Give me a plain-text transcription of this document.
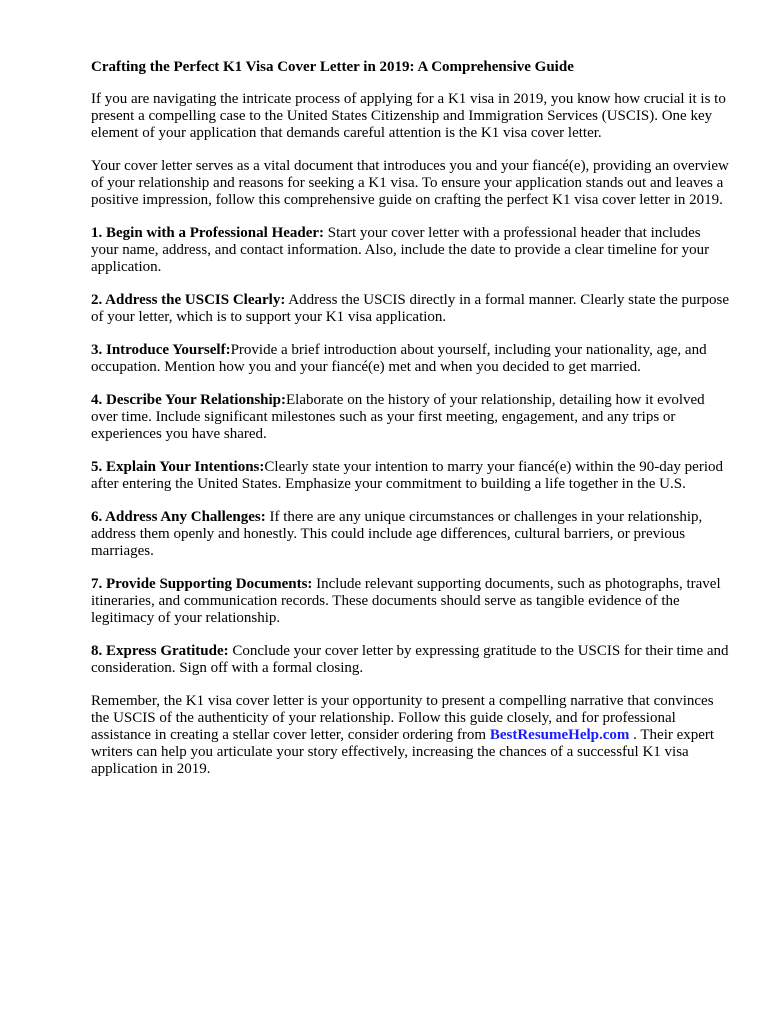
Crafting the Perfect K1 Visa Cover Letter in 2019: A Comprehensive Guide

If you are navigating the intricate process of applying for a K1 visa in 2019, you know how crucial it is to present a compelling case to the United States Citizenship and Immigration Services (USCIS). One key element of your application that demands careful attention is the K1 visa cover letter.

Your cover letter serves as a vital document that introduces you and your fiancé(e), providing an overview of your relationship and reasons for seeking a K1 visa. To ensure your application stands out and leaves a positive impression, follow this comprehensive guide on crafting the perfect K1 visa cover letter in 2019.

1. Begin with a Professional Header: Start your cover letter with a professional header that includes your name, address, and contact information. Also, include the date to provide a clear timeline for your application.

2. Address the USCIS Clearly: Address the USCIS directly in a formal manner. Clearly state the purpose of your letter, which is to support your K1 visa application.

3. Introduce Yourself:Provide a brief introduction about yourself, including your nationality, age, and occupation. Mention how you and your fiancé(e) met and when you decided to get married.

4. Describe Your Relationship:Elaborate on the history of your relationship, detailing how it evolved over time. Include significant milestones such as your first meeting, engagement, and any trips or experiences you have shared.

5. Explain Your Intentions:Clearly state your intention to marry your fiancé(e) within the 90-day period after entering the United States. Emphasize your commitment to building a life together in the U.S.

6. Address Any Challenges: If there are any unique circumstances or challenges in your relationship, address them openly and honestly. This could include age differences, cultural barriers, or previous marriages.

7. Provide Supporting Documents: Include relevant supporting documents, such as photographs, travel itineraries, and communication records. These documents should serve as tangible evidence of the legitimacy of your relationship.

8. Express Gratitude: Conclude your cover letter by expressing gratitude to the USCIS for their time and consideration. Sign off with a formal closing.

Remember, the K1 visa cover letter is your opportunity to present a compelling narrative that convinces the USCIS of the authenticity of your relationship. Follow this guide closely, and for professional assistance in creating a stellar cover letter, consider ordering from BestResumeHelp.com . Their expert writers can help you articulate your story effectively, increasing the chances of a successful K1 visa application in 2019.
